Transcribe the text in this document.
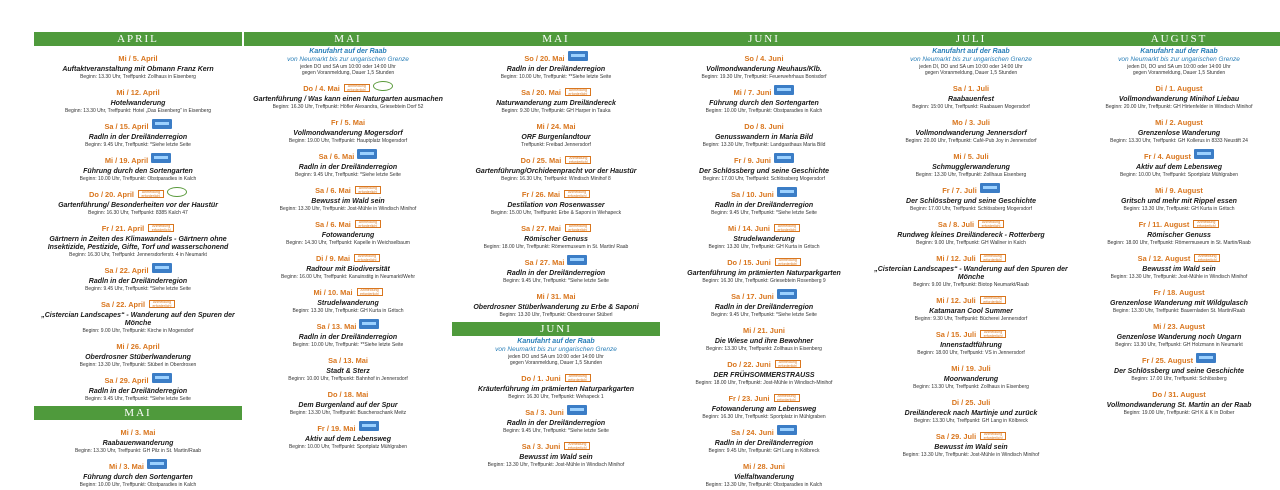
APRIL
Mi / 5. April
Auftaktveranstaltung mit Obmann Franz Kern
Beginn: 13.30 Uhr, Treffpunkt: Zollhaus in Eisenberg
Mi / 12. April
Hotelwanderung
Beginn: 13.30 Uhr, Treffpunkt: Hotel „Das Eisenberg“ in Eisenberg
Sa / 15. April
Radln in der Dreiländerregion
Beginn: 9.45 Uhr, Treffpunkt: *Siehe letzte Seite
Mi / 19. April
Führung durch den Sortengarten
Beginn: 10.00 Uhr, Treffpunkt: Obstparadies in Kalch
Do / 20. April Anmeldung erforderlich!
Gartenführung/ Besonderheiten vor der Haustür
Beginn: 16.30 Uhr, Treffpunkt: 8385 Kalch 47
Fr / 21. April Anmeldung erforderlich!
Gärtnern in Zeiten des Klimawandels - Gärtnern ohne Insektizide, Pestizide, Gifte, Torf und wasserschonend
Beginn: 16.30 Uhr, Treffpunkt: Jennersdorferstr. 4 in Neumarkt
Sa / 22. April
Radln in der Dreiländerregion
Beginn: 9.45 Uhr, Treffpunkt: *Siehe letzte Seite
Sa / 22. April Anmeldung erforderlich!
„Cistercian Landscapes“ - Wanderung auf den Spuren der Mönche
Beginn: 9.00 Uhr, Treffpunkt: Kirche in Mogersdorf
Mi / 26. April
Oberdrosner Stüberlwanderung
Beginn: 13.30 Uhr, Treffpunkt: Stüberl in Oberdrosen
Sa / 29. April
Radln in der Dreiländerregion
Beginn: 9.45 Uhr, Treffpunkt: *Siehe letzte Seite
MAI
Mi / 3. Mai
Raabauenwanderung
Beginn: 13.30 Uhr, Treffpunkt: GH Pilz in St. Martin/Raab
Mi / 3. Mai
Führung durch den Sortengarten
Beginn: 10.00 Uhr, Treffpunkt: Obstparadies in Kalch
MAI
Kanufahrt auf der Raab
von Neumarkt bis zur ungarischen Grenze
jeden DO und SA um 10:00 oder 14:00 Uhr
gegen Voranmeldung, Dauer 1,5 Stunden
Do / 4. Mai Anmeldung erforderlich!
Gartenführung / Was kann einen Naturgarten ausmachen
Beginn: 16.30 Uhr, Treffpunkt: Höfler Alexandra, Griesebtein Dorf 52
Fr / 5. Mai
Vollmondwanderung Mogersdorf
Beginn: 19.00 Uhr, Treffpunkt: Hauptplatz Mogersdorf
Sa / 6. Mai
Radln in der Dreiländerregion
Beginn: 9.45 Uhr, Treffpunkt: *Siehe letzte Seite
Sa / 6. Mai Anmeldung erforderlich!
Bewusst im Wald sein
Beginn: 13.30 Uhr, Treffpunkt: Jost-Mühle in Windisch Minihof
Sa / 6. Mai Anmeldung erforderlich!
Fotowanderung
Beginn: 14.30 Uhr, Treffpunkt: Kapelle in Weichselbaum
Di / 9. Mai Anmeldung erforderlich!
Radtour mit Biodiversität
Beginn: 16.00 Uhr, Treffpunkt: Kanuinstitg in Neumarkt/Wehr
Mi / 10. Mai Anmeldung erforderlich!
Strudelwanderung
Beginn: 13.30 Uhr, Treffpunkt: GH Kurta in Gritsch
Sa / 13. Mai
Radln in der Dreiländerregion
Beginn: 10.00 Uhr, Treffpunkt: **Siehe letzte Seite
Sa / 13. Mai
Stadt & Sterz
Beginn: 10.00 Uhr, Treffpunkt: Bahnhof in Jennersdorf
Do / 18. Mai
Dem Burgenland auf der Spur
Beginn: 13.30 Uhr, Treffpunkt: Buschenschank Meitz
Fr / 19. Mai
Aktiv auf dem Lebensweg
Beginn: 10.00 Uhr, Treffpunkt: Sportplatz Mühlgraben
MAI
So / 20. Mai
Radln in der Dreiländerregion
Beginn: 10.00 Uhr, Treffpunkt: **Siehe letzte Seite
Sa / 20. Mai Anmeldung erforderlich!
Naturwanderung zum Dreiländereck
Beginn: 9.30 Uhr, Treffpunkt: GH Harper in Tauka
Mi / 24. Mai
ORF Burgenlandtour
Treffpunkt: Freibad Jennersdorf
Do / 25. Mai Anmeldung erforderlich!
Gartenführung/Orchideenpracht vor der Haustür
Beginn: 16.30 Uhr, Treffpunkt: Windisch Minihof 8
Fr / 26. Mai Anmeldung erforderlich!
Destilation von Rosenwasser
Beginn: 15.00 Uhr, Treffpunkt: Erbe & Saponi in Wehapeck
Sa / 27. Mai Anmeldung erforderlich!
Römischer Genuss
Beginn: 18.00 Uhr, Treffpunkt: Römermuseum in St. Martin/ Raab
Sa / 27. Mai
Radln in der Dreiländerregion
Beginn: 9.45 Uhr, Treffpunkt: *Siehe letzte Seite
Mi / 31. Mai
Oberdrosner Stüberlwanderung zu Erbe & Saponi
Beginn: 13.30 Uhr, Treffpunkt: Oberdrosner Stüberl
JUNI
Kanufahrt auf der Raab
von Neumarkt bis zur ungarischen Grenze
jeden DO und SA um 10:00 oder 14:00 Uhr
gegen Voranmeldung, Dauer 1,5 Stunden
Do / 1. Juni Anmeldung erforderlich!
Kräuterführung im prämierten Naturparkgarten
Beginn: 16.30 Uhr, Treffpunkt: Wehapeck 1
Sa / 3. Juni
Radln in der Dreiländerregion
Beginn: 9.45 Uhr, Treffpunkt: *Siehe letzte Seite
Sa / 3. Juni Anmeldung erforderlich!
Bewusst im Wald sein
Beginn: 13.30 Uhr, Treffpunkt: Jost-Mühle in Windisch Minihof
JUNI
So / 4. Juni
Vollmondwanderung Neuhaus/Klb.
Beginn: 19.30 Uhr, Treffpunkt: Feuerwehrhaus Bonisdorf
Mi / 7. Juni
Führung durch den Sortengarten
Beginn: 10.00 Uhr, Treffpunkt: Obstparadies in Kalch
Do / 8. Juni
Genusswandern in Maria Bild
Beginn: 13.30 Uhr, Treffpunkt: Landgasthaus Maria Bild
Fr / 9. Juni
Der Schlössberg und seine Geschichte
Beginn: 17.00 Uhr, Treffpunkt: Schlössberg Mogersdorf
Sa / 10. Juni
Radln in der Dreiländerregion
Beginn: 9.45 Uhr, Treffpunkt: *Siehe letzte Seite
Mi / 14. Juni Anmeldung erforderlich!
Strudelwanderung
Beginn: 13.30 Uhr, Treffpunkt: GH Kurta in Gritsch
Do / 15. Juni Anmeldung erforderlich!
Gartenführung im prämierten Naturparkgarten
Beginn: 16.30 Uhr, Treffpunkt: Griesebtein Rosenberg 9
Sa / 17. Juni
Radln in der Dreiländerregion
Beginn: 9.45 Uhr, Treffpunkt: *Siehe letzte Seite
Mi / 21. Juni
Die Wiese und ihre Bewohner
Beginn: 13.30 Uhr, Treffpunkt: Zollhaus in Eisenberg
Do / 22. Juni Anmeldung erforderlich!
DER FRÜHSOMMERSTRAUSS
Beginn: 18.00 Uhr, Treffpunkt: Jost-Mühle in Windisch-Minihof
Fr / 23. Juni Anmeldung erforderlich!
Fotowanderung am Lebensweg
Beginn: 16.30 Uhr, Treffpunkt: Sportplatz in Mühlgraben
Sa / 24. Juni
Radln in der Dreiländerregion
Beginn: 9.45 Uhr, Treffpunkt: GH Lang in Kölbreck
Mi / 28. Juni
Vielfaltwanderung
Beginn: 13.30 Uhr, Treffpunkt: Obstparadies in Kalch
JULI
Kanufahrt auf der Raab
von Neumarkt bis zur ungarischen Grenze
jeden DI, DO und SA um 10:00 oder 14:00 Uhr
gegen Voranmeldung, Dauer 1,5 Stunden
Sa / 1. Juli
Raabauenfest
Beginn: 15:00 Uhr, Treffpunkt: Raabauen Mogersdorf
Mo / 3. Juli
Vollmondwanderung Jennersdorf
Beginn: 20.00 Uhr, Treffpunkt: Café-Pub Joy in Jennersdorf
Mi / 5. Juli
Schmugglerwanderung
Beginn: 13.30 Uhr, Treffpunkt: Zollhaus Eisenberg
Fr / 7. Juli
Der Schlössberg und seine Geschichte
Beginn: 17.00 Uhr, Treffpunkt: Schlössberg Mogersdorf
Sa / 8. Juli Anmeldung erforderlich!
Rundweg kleines Dreiländereck - Rotterberg
Beginn: 9.00 Uhr, Treffpunkt: GH Wallner in Kalch
Mi / 12. Juli Anmeldung erforderlich!
„Cistercian Landscapes“ - Wanderung auf den Spuren der Mönche
Beginn: 9.00 Uhr, Treffpunkt: Biotop Neumarkt/Raab
Mi / 12. Juli Anmeldung erforderlich!
Katamaran Cool Summer
Beginn: 9.30 Uhr, Treffpunkt: Bücherei Jennersdorf
Sa / 15. Juli Anmeldung erforderlich!
Innenstadtführung
Beginn: 18.00 Uhr, Treffpunkt: VS in Jennersdorf
Mi / 19. Juli
Moorwanderung
Beginn: 13.30 Uhr, Treffpunkt: Zollhaus in Eisenberg
Di / 25. Juli
Dreiländereck nach Martinje und zurück
Beginn: 13.30 Uhr, Treffpunkt: GH Lang in Kölbreck
Sa / 29. Juli Anmeldung erforderlich!
Bewusst im Wald sein
Beginn: 13.30 Uhr, Treffpunkt: Jost-Mühle in Windisch Minihof
AUGUST
Kanufahrt auf der Raab
von Neumarkt bis zur ungarischen Grenze
jeden DI, DO und SA um 10:00 oder 14:00 Uhr
gegen Voranmeldung, Dauer 1,5 Stunden
Di / 1. August
Vollmondwanderung Minihof Liebau
Beginn: 20.00 Uhr, Treffpunkt: GH Hirtenfelder in Windisch Minihof
Mi / 2. August
Grenzenlose Wanderung
Beginn: 13.30 Uhr, Treffpunkt: GH Kollerus in 8333 Neustift 24
Fr / 4. August
Aktiv auf dem Lebensweg
Beginn: 10.00 Uhr, Treffpunkt: Sportplatz Mühlgraben
Mi / 9. August
Gritsch und mehr mit Rippel essen
Beginn: 13.30 Uhr, Treffpunkt: GH Kurta in Gritsch
Fr / 11. August Anmeldung erforderlich!
Römischer Genuss
Beginn: 18.00 Uhr, Treffpunkt: Römermuseum in St. Martin/Raab
Sa / 12. August Anmeldung erforderlich!
Bewusst im Wald sein
Beginn: 13.30 Uhr, Treffpunkt: Jost-Mühle in Windisch Minihof
Fr / 18. August
Grenzenlose Wanderung mit Wildgulasch
Beginn: 13.30 Uhr, Treffpunkt: Bauernladen St. Martin/Raab
Mi / 23. August
Genzenlose Wanderung noch Ungarn
Beginn: 13.30 Uhr, Treffpunkt: GH Holzmann in Neumarkt
Fr / 25. August
Der Schlössberg und seine Geschichte
Beginn: 17.00 Uhr, Treffpunkt: Schlössberg
Do / 31. August
Vollmondwanderung St. Martin an der Raab
Beginn: 19.00 Uhr, Treffpunkt: GH K & K in Doiber
